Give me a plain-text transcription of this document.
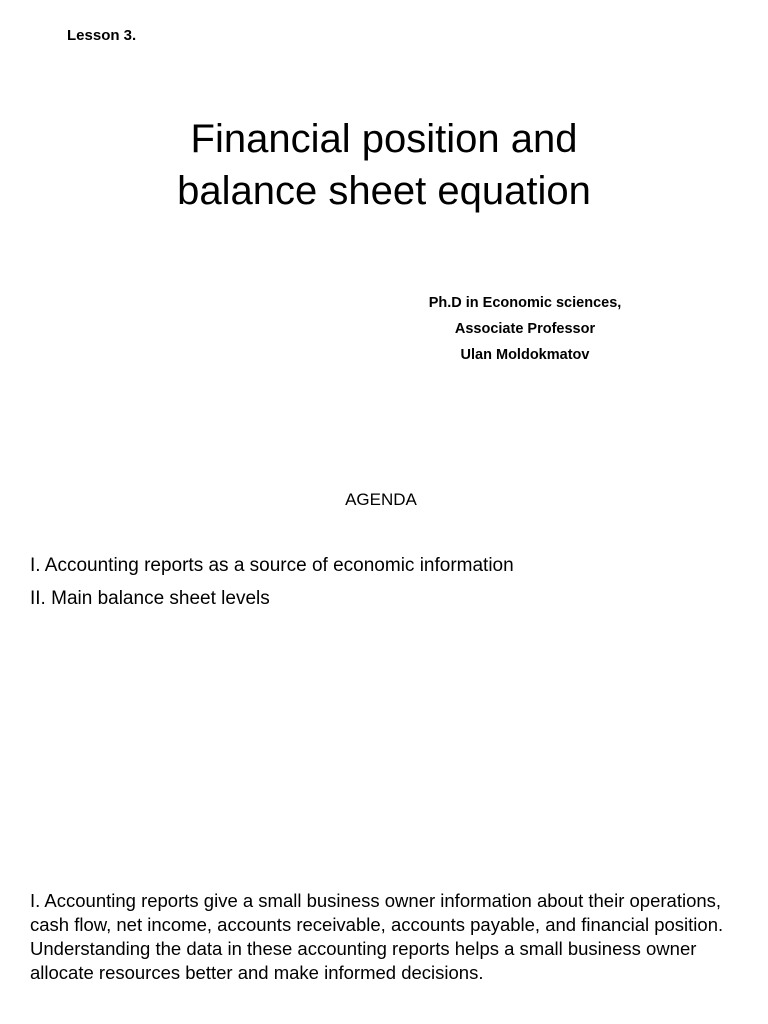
Lesson 3.
Financial position and
balance sheet equation
Ph.D in Economic sciences,
Associate Professor
Ulan Moldokmatov
AGENDA
I. Accounting reports as a source of economic information
II. Main balance sheet levels

I. Accounting reports give a small business owner information about their operations, cash flow, net income, accounts receivable, accounts payable, and financial position. Understanding the data in these accounting reports helps a small business owner allocate resources better and make informed decisions.
